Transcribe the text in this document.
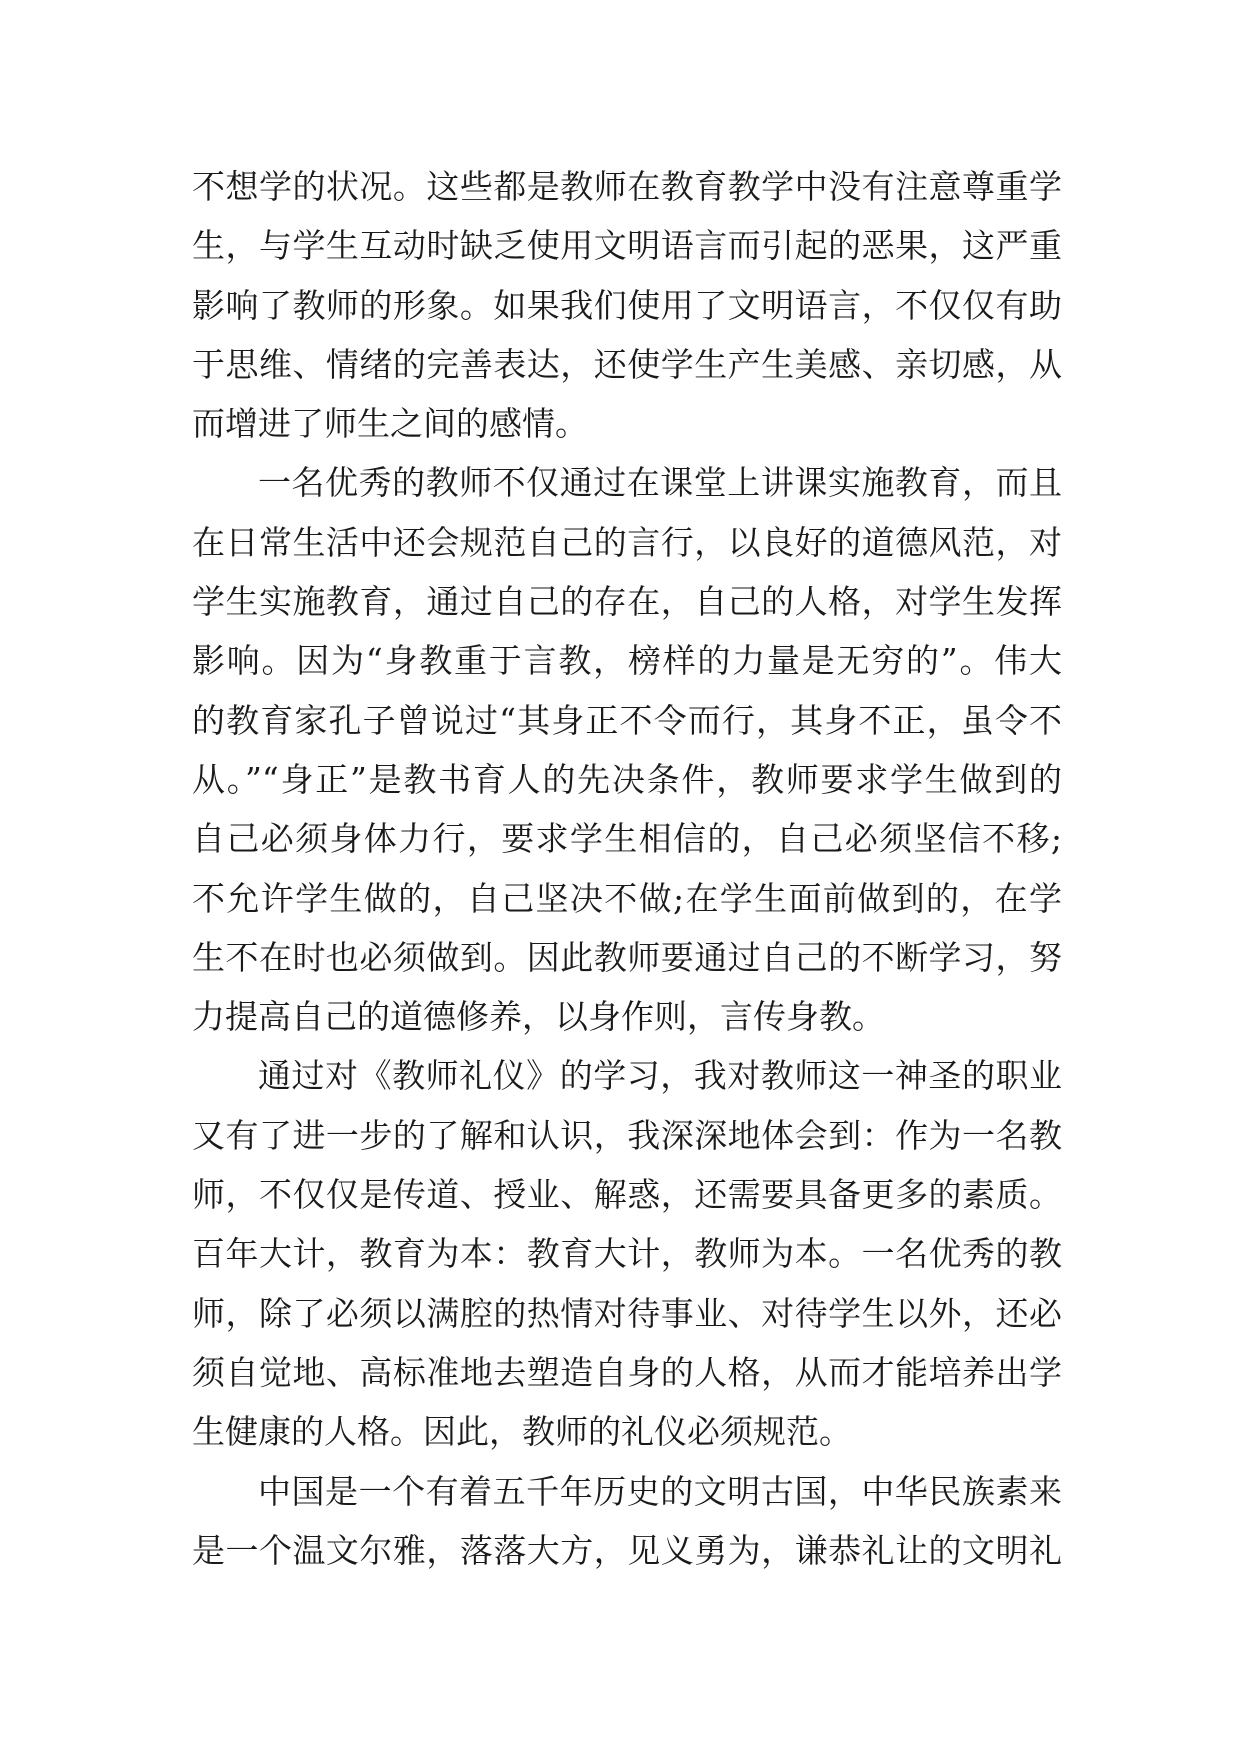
不想学的状况。这些都是教师在教育教学中没有注意尊重学
生，与学生互动时缺乏使用文明语言而引起的恶果，这严重
影响了教师的形象。如果我们使用了文明语言，不仅仅有助
于思维、情绪的完善表达，还使学生产生美感、亲切感，从
而增进了师生之间的感情。
一名优秀的教师不仅通过在课堂上讲课实施教育，而且
在日常生活中还会规范自己的言行，以良好的道德风范，对
学生实施教育，通过自己的存在，自己的人格，对学生发挥
影响。因为“身教重于言教，榜样的力量是无穷的”。伟大
的教育家孔子曾说过“其身正不令而行，其身不正，虽令不
从。”“身正”是教书育人的先决条件，教师要求学生做到的
自己必须身体力行，要求学生相信的，自己必须坚信不移;
不允许学生做的，自己坚决不做;在学生面前做到的，在学
生不在时也必须做到。因此教师要通过自己的不断学习，努
力提高自己的道德修养，以身作则，言传身教。
通过对《教师礼仪》的学习，我对教师这一神圣的职业
又有了进一步的了解和认识，我深深地体会到：作为一名教
师，不仅仅是传道、授业、解惑，还需要具备更多的素质。
百年大计，教育为本：教育大计，教师为本。一名优秀的教
师，除了必须以满腔的热情对待事业、对待学生以外，还必
须自觉地、高标准地去塑造自身的人格，从而才能培养出学
生健康的人格。因此，教师的礼仪必须规范。
中国是一个有着五千年历史的文明古国，中华民族素来
是一个温文尔雅，落落大方，见义勇为，谦恭礼让的文明礼
